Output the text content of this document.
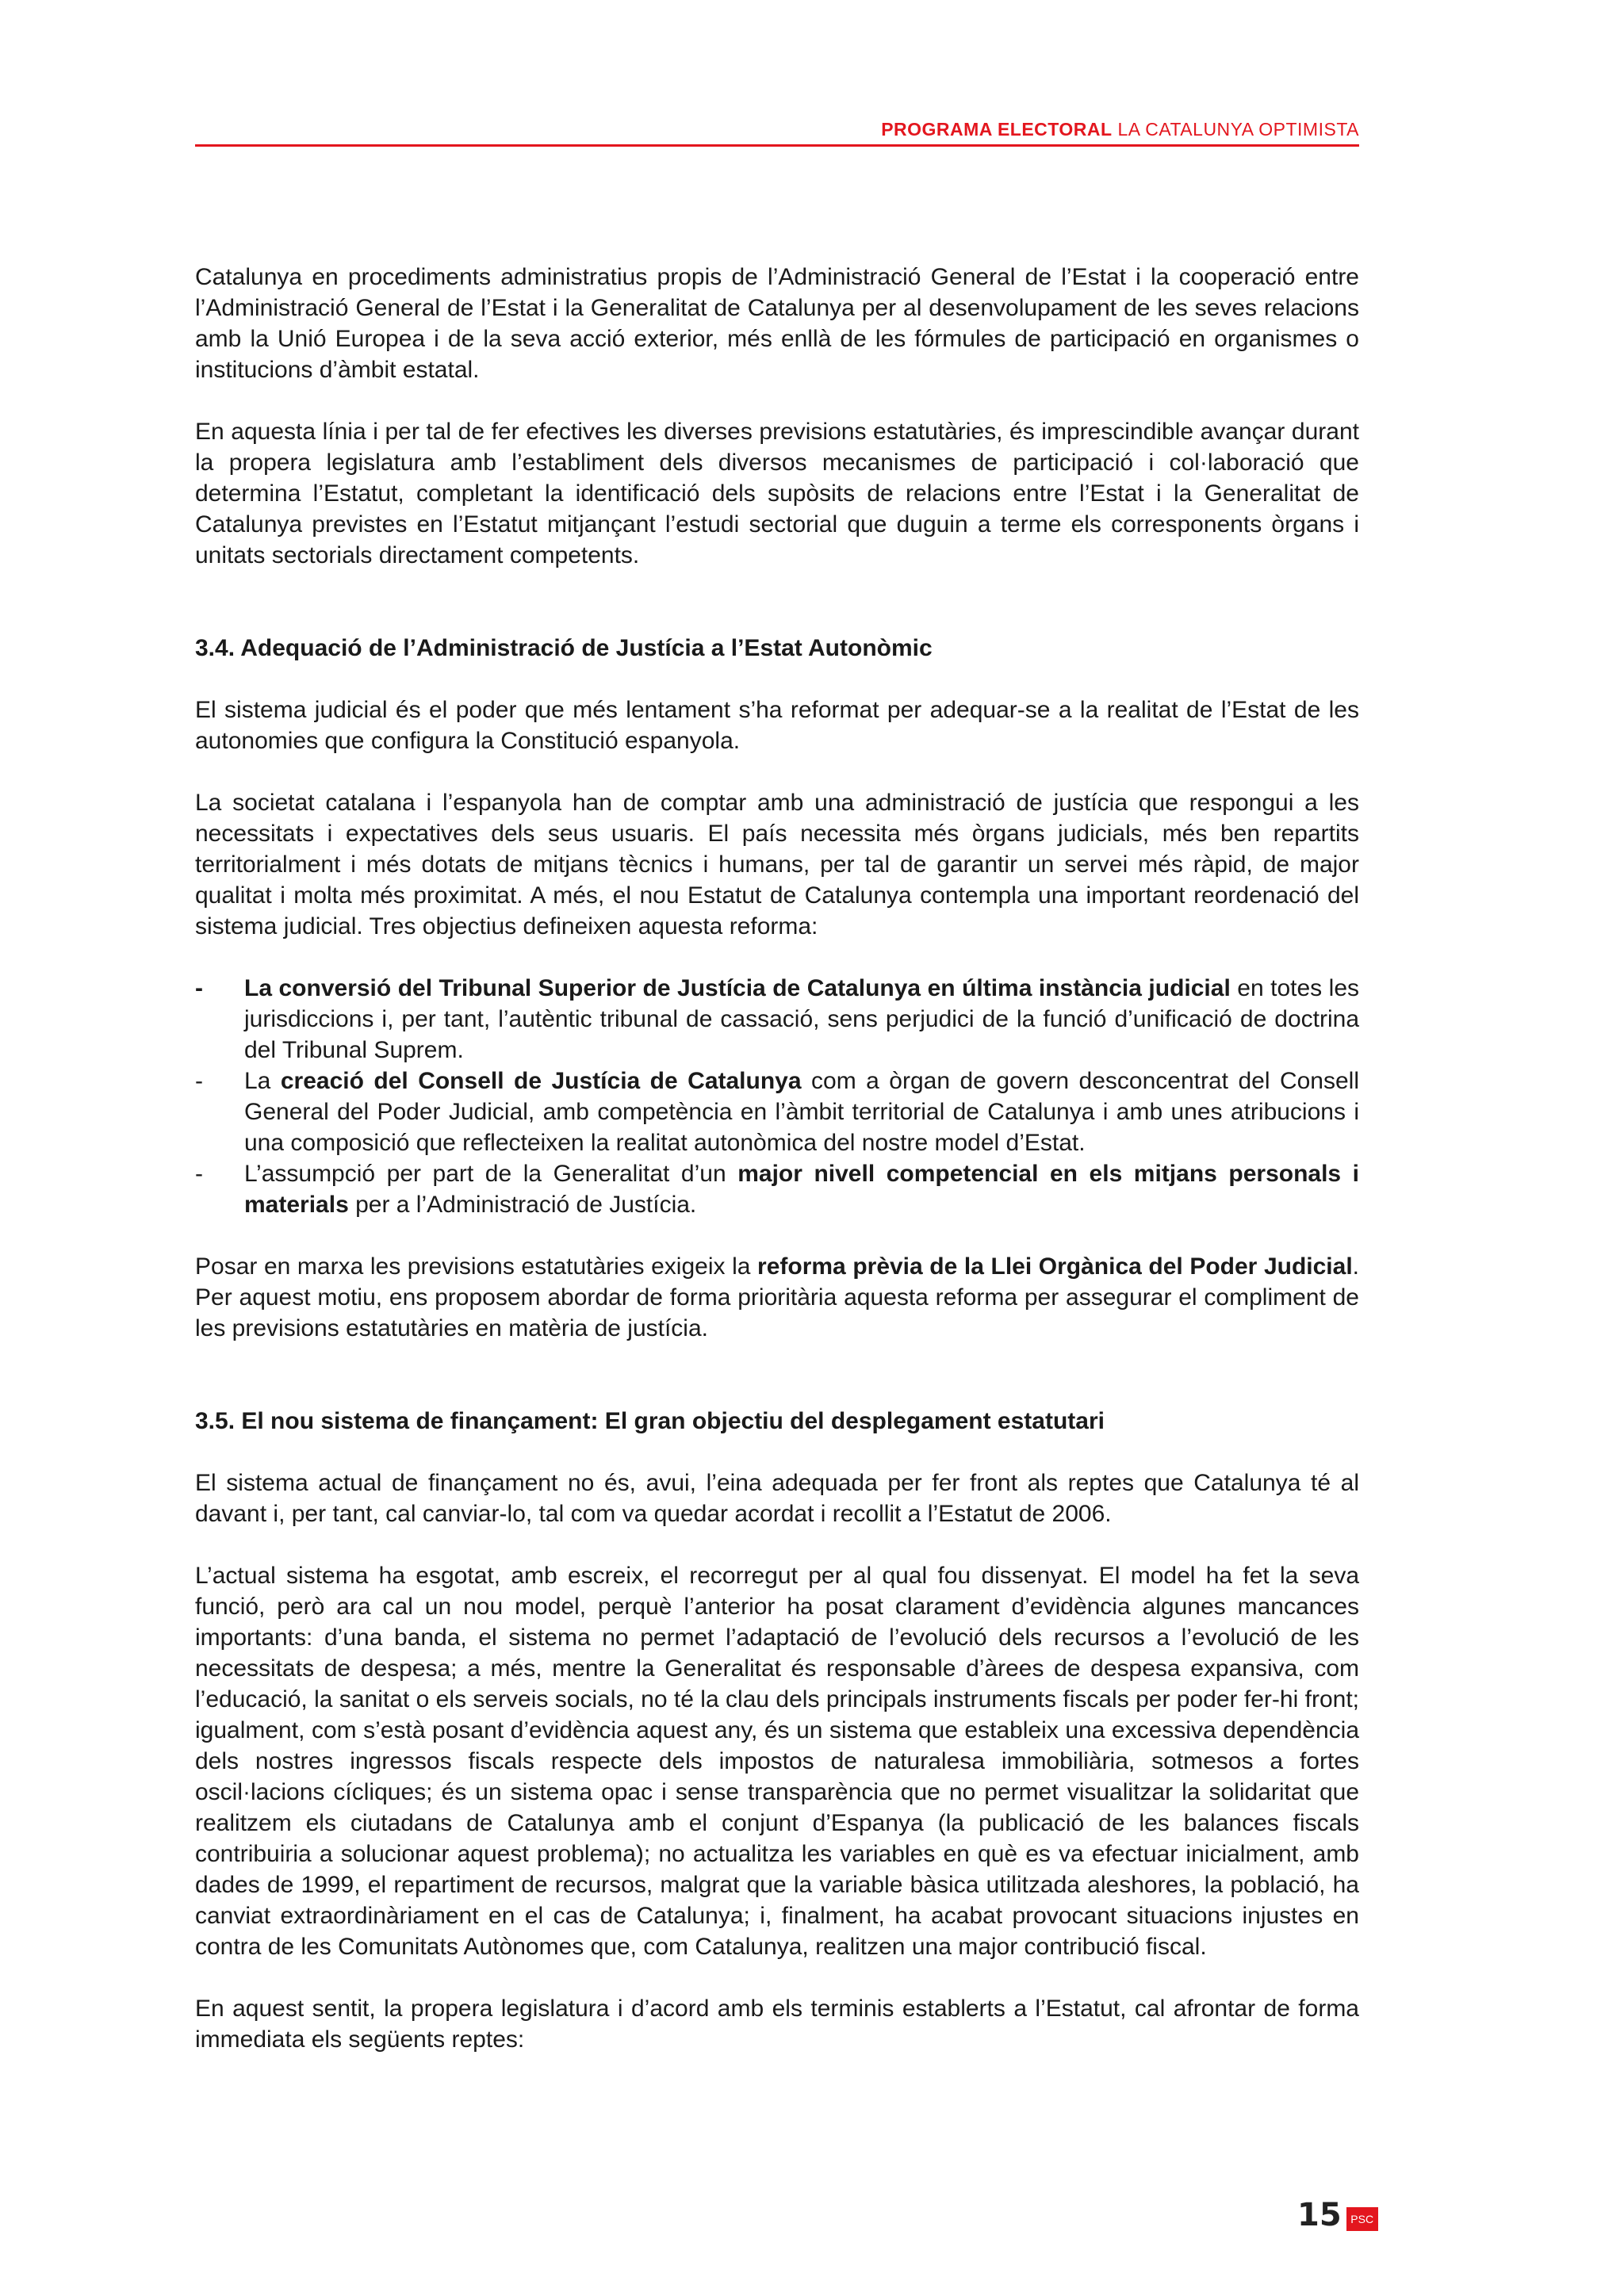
PROGRAMA ELECTORAL LA CATALUNYA OPTIMISTA

Catalunya en procediments administratius propis de l’Administració General de l’Estat i la cooperació entre l’Administració General de l’Estat i la Generalitat de Catalunya per al desenvolupament de les seves relacions amb la Unió Europea i de la seva acció exterior, més enllà de les fórmules de participació en organismes o institucions d’àmbit estatal.

En aquesta línia i per tal de fer efectives les diverses previsions estatutàries, és imprescindible avançar durant la propera legislatura amb l’establiment dels diversos mecanismes de participació i col·laboració que determina l’Estatut, completant la identificació dels supòsits de relacions entre l’Estat i la Generalitat de Catalunya previstes en l’Estatut mitjançant l’estudi sectorial que duguin a terme els corresponents òrgans i unitats sectorials directament competents.

3.4. Adequació de l’Administració de Justícia a l’Estat Autonòmic

El sistema judicial és el poder que més lentament s’ha reformat per adequar-se a la realitat de l’Estat de les autonomies que configura la Constitució espanyola.

La societat catalana i l’espanyola han de comptar amb una administració de justícia que respongui a les necessitats i expectatives dels seus usuaris. El país necessita més òrgans judicials, més ben repartits territorialment i més dotats de mitjans tècnics i humans, per tal de garantir un servei més ràpid, de major qualitat i molta més proximitat. A més, el nou Estatut de Catalunya contempla una important reordenació del sistema judicial. Tres objectius defineixen aquesta reforma:

-	La conversió del Tribunal Superior de Justícia de Catalunya en última instància judicial en totes les jurisdiccions i, per tant, l’autèntic tribunal de cassació, sens perjudici de la funció d’unificació de doctrina del Tribunal Suprem.
-	La creació del Consell de Justícia de Catalunya com a òrgan de govern desconcentrat del Consell General del Poder Judicial, amb competència en l’àmbit territorial de Catalunya i amb unes atribucions i una composició que reflecteixen la realitat autonòmica del nostre model d’Estat.
-	L’assumpció per part de la Generalitat d’un major nivell competencial en els mitjans personals i materials per a l’Administració de Justícia.

Posar en marxa les previsions estatutàries exigeix la reforma prèvia de la Llei Orgànica del Poder Judicial. Per aquest motiu, ens proposem abordar de forma prioritària aquesta reforma per assegurar el compliment de les previsions estatutàries en matèria de justícia.

3.5. El nou sistema de finançament: El gran objectiu del desplegament estatutari

El sistema actual de finançament no és, avui, l’eina adequada per fer front als reptes que Catalunya té al davant i, per tant, cal canviar-lo, tal com va quedar acordat i recollit a l’Estatut de 2006.

L’actual sistema ha esgotat, amb escreix, el recorregut per al qual fou dissenyat. El model ha fet la seva funció, però ara cal un nou model, perquè l’anterior ha posat clarament d’evidència algunes mancances importants: d’una banda, el sistema no permet l’adaptació de l’evolució dels recursos a l’evolució de les necessitats de despesa; a més, mentre la Generalitat és responsable d’àrees de despesa expansiva, com l’educació, la sanitat o els serveis socials, no té la clau dels principals instruments fiscals per poder fer-hi front; igualment, com s’està posant d’evidència aquest any, és un sistema que estableix una excessiva dependència dels nostres ingressos fiscals respecte dels impostos de naturalesa immobiliària, sotmesos a fortes oscil·lacions cícliques; és un sistema opac i sense transparència que no permet visualitzar la solidaritat que realitzem els ciutadans de Catalunya amb el conjunt d’Espanya (la publicació de les balances fiscals contribuiria a solucionar aquest problema); no actualitza les variables en què es va efectuar inicialment, amb dades de 1999, el repartiment de recursos, malgrat que la variable bàsica utilitzada aleshores, la població, ha canviat extraordinàriament en el cas de Catalunya; i, finalment, ha acabat provocant situacions injustes en contra de les Comunitats Autònomes que, com Catalunya, realitzen una major contribució fiscal.

En aquest sentit, la propera legislatura i d’acord amb els terminis establerts a l’Estatut, cal afrontar de forma immediata els següents reptes:

15 PSC
